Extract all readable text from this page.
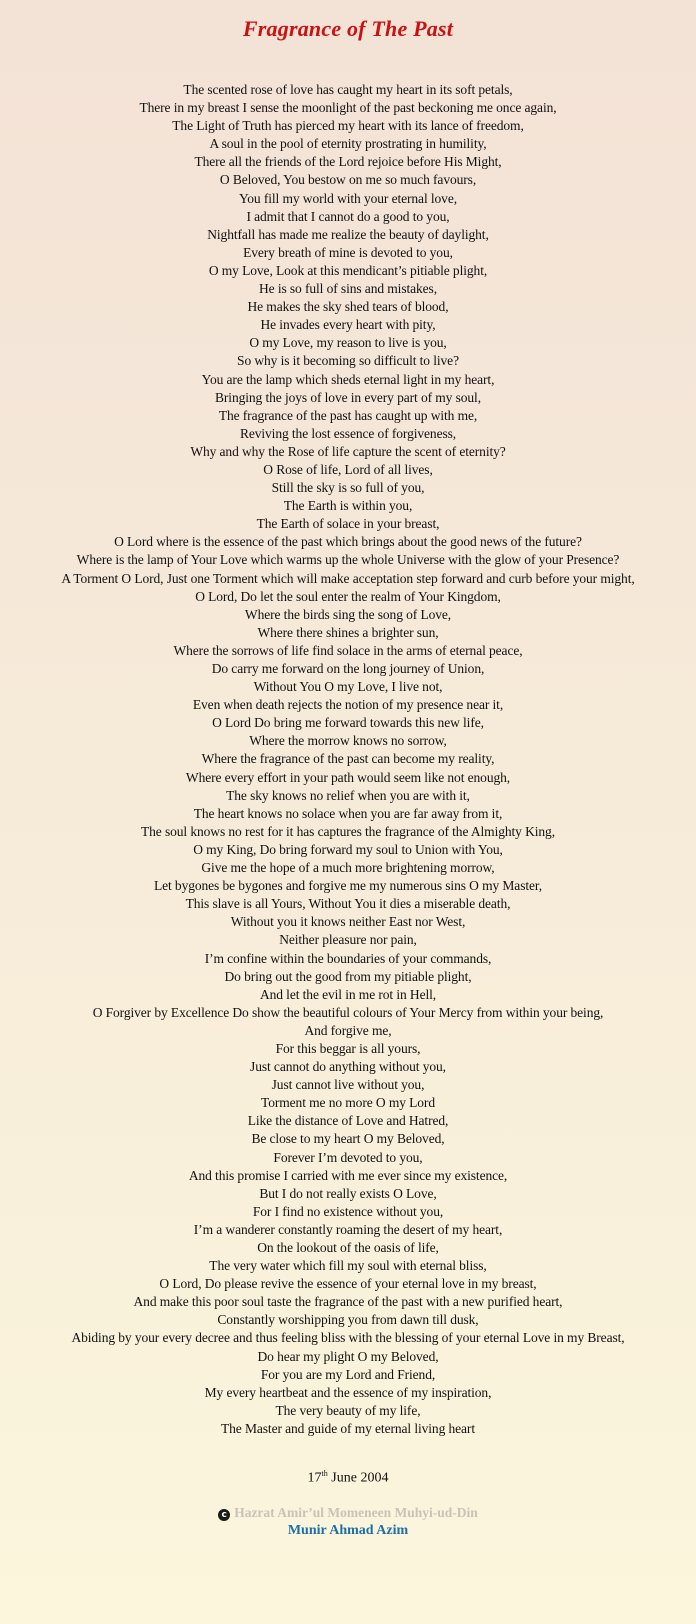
Fragrance of The Past
The scented rose of love has caught my heart in its soft petals,
There in my breast I sense the moonlight of the past beckoning me once again,
The Light of Truth has pierced my heart with its lance of freedom,
A soul in the pool of eternity prostrating in humility,
There all the friends of the Lord rejoice before His Might,
O Beloved, You bestow on me so much favours,
You fill my world with your eternal love,
I admit that I cannot do a good to you,
Nightfall has made me realize the beauty of daylight,
Every breath of mine is devoted to you,
O my Love, Look at this mendicant’s pitiable plight,
He is so full of sins and mistakes,
He makes the sky shed tears of blood,
He invades every heart with pity,
O my Love, my reason to live is you,
So why is it becoming so difficult to live?
You are the lamp which sheds eternal light in my heart,
Bringing the joys of love in every part of my soul,
The fragrance of the past has caught up with me,
Reviving the lost essence of forgiveness,
Why and why the Rose of life capture the scent of eternity?
O Rose of life, Lord of all lives,
Still the sky is so full of you,
The Earth is within you,
The Earth of solace in your breast,
O Lord where is the essence of the past which brings about the good news of the future?
Where is the lamp of Your Love which warms up the whole Universe with the glow of your Presence?
A Torment O Lord, Just one Torment which will make acceptation step forward and curb before your might,
O Lord, Do let the soul enter the realm of Your Kingdom,
Where the birds sing the song of Love,
Where there shines a brighter sun,
Where the sorrows of life find solace in the arms of eternal peace,
Do carry me forward on the long journey of Union,
Without You O my Love, I live not,
Even when death rejects the notion of my presence near it,
O Lord Do bring me forward towards this new life,
Where the morrow knows no sorrow,
Where the fragrance of the past can become my reality,
Where every effort in your path would seem like not enough,
The sky knows no relief when you are with it,
The heart knows no solace when you are far away from it,
The soul knows no rest for it has captures the fragrance of the Almighty King,
O my King, Do bring forward my soul to Union with You,
Give me the hope of a much more brightening morrow,
Let bygones be bygones and forgive me my numerous sins O my Master,
This slave is all Yours, Without You it dies a miserable death,
Without you it knows neither East nor West,
Neither pleasure nor pain,
I’m confine within the boundaries of your commands,
Do bring out the good from my pitiable plight,
And let the evil in me rot in Hell,
O Forgiver by Excellence Do show the beautiful colours of Your Mercy from within your being,
And forgive me,
For this beggar is all yours,
Just cannot do anything without you,
Just cannot live without you,
Torment me no more O my Lord
Like the distance of Love and Hatred,
Be close to my heart O my Beloved,
Forever I’m devoted to you,
And this promise I carried with me ever since my existence,
But I do not really exists O Love,
For I find no existence without you,
I’m a wanderer constantly roaming the desert of my heart,
On the lookout of the oasis of life,
The very water which fill my soul with eternal bliss,
O Lord, Do please revive the essence of your eternal love in my breast,
And make this poor soul taste the fragrance of the past with a new purified heart,
Constantly worshipping you from dawn till dusk,
Abiding by your every decree and thus feeling bliss with the blessing of your eternal Love in my Breast,
Do hear my plight O my Beloved,
For you are my Lord and Friend,
My every heartbeat and the essence of my inspiration,
The very beauty of my life,
The Master and guide of my eternal living heart
17th June 2004
c Hazrat Amir’ul Momeneen Muhyi-ud-Din
Munir Ahmad Azim
